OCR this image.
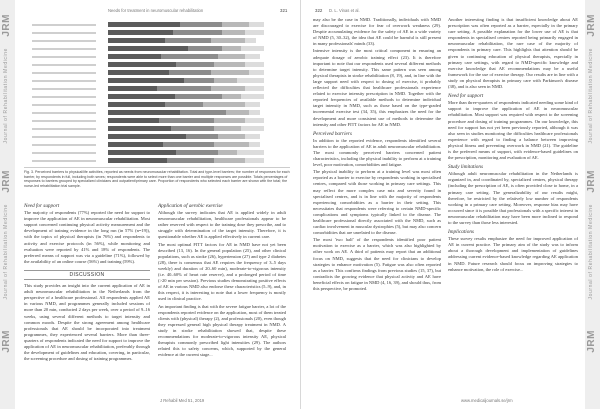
JRM
Journal of Rehabilitation Medicine
JRM
Journal of Rehabilitation Medicine
JRM
Needs for treatment in neuromuscular rehabilitation	321
Fig. 3. Perceived barriers to physical/life activities, reported as needs from neuromuscular rehabilitation. Total and type-level barriers; the number of responses for each barrier, by respondents in full, including both sexes; respondents were able to select more than one barrier and multiple responses are possible. Totals percentages of responses to barriers grouped by specialized clinicians and outpatient/primary care. Proportion of respondents who selected each barrier are shown with the total; the nurse-led rehabilitation trial sample.
Need for support

The majority of respondents (77%) reported the need for support to improve the application of AE in neuromuscular rehabilitation. Most support concerned continuing physical activity measurement and the development of training evidence in the long run (in 57% (n=19)), with the topics of physical therapists (in 76%) and respondents to activity and exercise protocols (in 56%), while monitoring and evaluation were reported by 41% and 18% of respondents. The preferred means of support was via a guideline (71%), followed by the availability of an online course (56%) and training (59%).

DISCUSSION

This study provides an insight into the current application of AE in adult neuromuscular rehabilitation in the Netherlands from the perspective of a healthcare professional. All respondents applied AE in various NMD, and programmes generally included sessions of more than 20 min, conducted 2 days per week, over a period of 9–16 weeks, using several different methods to target intensity and common moods. Despite the strong agreement among healthcare professionals that AE should be incorporated into treatment programmes, they experienced several barriers. More than three-quarters of respondents indicated the need for support to improve the application of AE in neuromuscular rehabilitation, preferably through the development of guidelines and education, covering, in particular, the screening procedure and dosing of training programmes.

Application of aerobic exercise

Although the survey indicates that AE is applied widely in adult neuromuscular rehabilitation, healthcare professionals appear to be rather reserved with respect to the training dose they prescribe, and to struggle with determination of the target intensity. Therefore, it is questionable whether AE is applied effectively in current care.

The most optimal FITT factors for AE in NMD have not yet been described (13, 16). In the general population (25), and other clinical populations, such as stroke (26), hypertension (27) and type 2 diabetes (28), there is consensus that AE requires the frequency of 3–5 days weekly) and duration of 20–60 min), moderate-to-vigorous intensity (i.e. 40–60% of heart rate reserve), and a prolonged period of time (>20 min per session). Previous studies demonstrating positive effects of AE in various NMD also endorse these characteristics (5–9), and, in this respect, it is interesting to note that a lower frequency is mostly used in clinical practice.

An important finding is that with the severe fatigue barrier, a lot of the respondents reported evidence on the application, most of them treated clients with (physical) therapy (2), and professionals (20), even though they expressed general high physical therapy treatment in NMD. A study in stroke rehabilitation showed that, despite these recommendations for moderate-to-vigorous intensity AE, physical therapists commonly prescribed light intensities (29). The authors related this to safety concerns, which, supported by the general evidence at the current stage...

J Rehabil Med 51, 2019
JRM
Journal of Rehabilitation Medicine
JRM
Journal of Rehabilitation Medicine
JRM
322 D. L. Vinas et al.

may also be the case in NMD. Traditionally, individuals with NMD are discouraged to exercise for fear of overwork weakness (29). Despite accumulating evidence for the safety of AE in a wide variety of NMD (5, 30–32), the idea that AE could be harmful is still present in many professionals' minds (33).

Intensive intensity is the most critical component in ensuring an adequate dosage of aerobic training effect (23). It is therefore important to note that our respondents used several different methods to determine target intensity. This same pattern was seen among physical therapists in stroke rehabilitation (8, 19), and, in line with the large support need with respect to dosing of exercise, it probably reflected the difficulties that healthcare professionals experience related to exercise intensity prescription in NMD. Together with the reported frequencies of available methods to determine individual target intensity in NMD, such as those based on the type-graded incremental exercise test (34, 35), this emphasizes the need for the development and more consistent use of methods to determine the intensity and other FITT factors for AE in NMD.

Perceived barriers

In addition to the reported evidence, respondents identified several barriers to the application of AE in adult neuromuscular rehabilitation. The most commonly perceived barriers concerned patient characteristics, including the physical inability to perform at a training level, poor motivation, comorbidities and fatigue.

The physical inability to perform at a training level was most often reported as a barrier to exercise by respondents working in specialised centres, compared with those working in primary care settings. This may reflect the more complex case mix and severity found in specialised centres, and is in line with the majority of respondents experiencing comorbidities as a barrier in their setting. This necessitates that respondents were referring to certain NMD-specific complications and symptoms typically linked to the disease. The healthcare professional directly associated with the NMD, such as cardiac involvement in muscular dystrophies (5), but may also concern comorbidities that are unrelated to the disease.

The most 'two half' of the respondents identified poor patient motivation to exercise as a barrier, which was also highlighted by other work on AE. A third of patients may report that an additional focus on NMD, suggests that the need for clinicians to develop strategies to enhance motivation (5). Fatigue was also often reported as a barrier. This confirms findings from previous studies (15, 37), but contradicts the growing evidence that physical activity and AE have beneficial effects on fatigue in NMD (4, 16, 39), and should thus, from this perspective, be promoted.

Another interesting finding is that insufficient knowledge about AE prescription was often reported as a barrier, especially in the primary care setting. A possible explanation for the lower use of AE is that respondents in specialised centres reported being primarily engaged in neuromuscular rehabilitation, the rare case of the majority of respondents in primary care. This highlights that attention should be given to continuing education of physical therapists, especially in primary care settings, with regard to NMD-specific knowledge and exercise knowledge that AE recommendations may be a useful framework for the use of exercise therapy. Our results are in line with a study on physical therapists in primary care with Parkinson's disease (38), and is also seen in NMD.

Need for support

More than three-quarters of respondents indicated needing some kind of support to improve the application of AE in neuromuscular rehabilitation. Most support was required with respect to the screening procedure and dosing of training programmes. On our knowledge, this need for support has not yet been previously reported, although it was also seen in studies monitoring the difficulties healthcare professionals experience with regard to finding a balance between improving physical fitness and preventing overwork in NMD (21). The guideline is the preferred means of support, with evidence-based guidelines on the prescription, monitoring and evaluation of AE.

Study limitations

Although adult neuromuscular rehabilitation in the Netherlands is organized in, and coordinated by, specialized centres, physical therapy (including the prescription of AE, is often provided close to home, in a primary care setting. The generalizability of our results might, therefore, be restricted by the relatively low number of respondents working in a primary care setting. Moreover, response bias may have occurred since it is possible that professionals with a specific interest in neuromuscular rehabilitation may have been more inclined to respond to the survey than those less interested.

Implications

These survey results emphasize the need for improved application of AE in current practice. The primary aim of the study was to inform about a thorough development and implementation of guidelines addressing current evidence-based knowledge regarding AE application in NMD. Future research should focus on improving strategies to enhance motivation, the role of exercise...

www.medicaljournals.se/jrm
